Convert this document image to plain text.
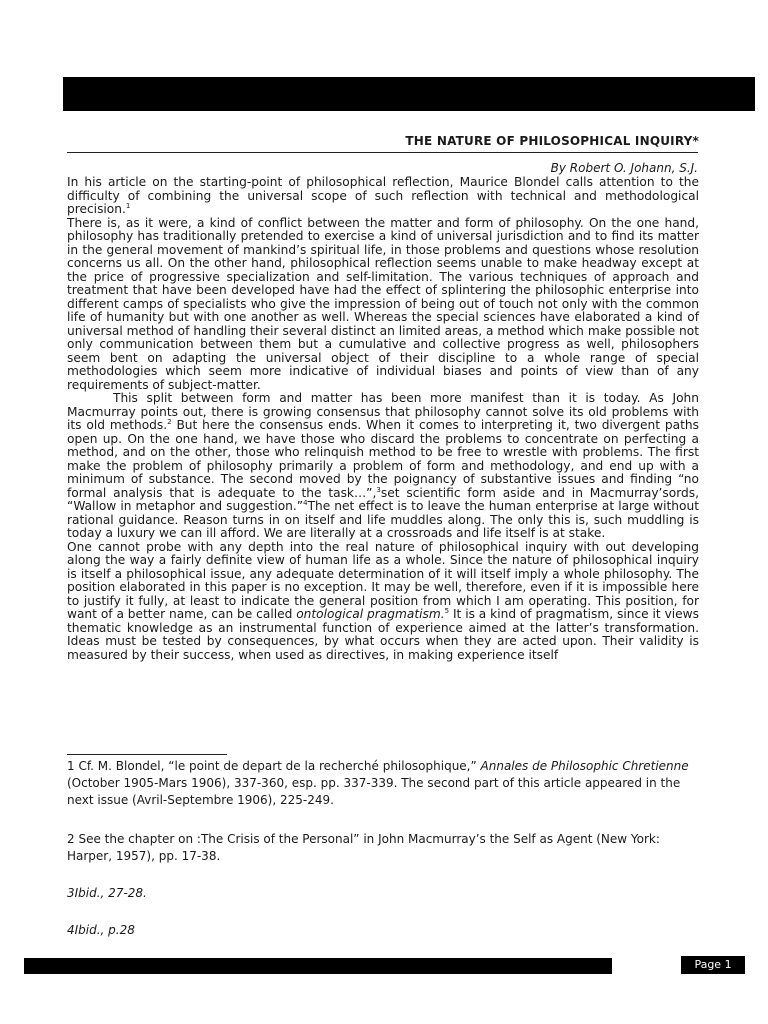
THE NATURE OF PHILOSOPHICAL INQUIRY*
By Robert O. Johann, S.J.

In his article on the starting-point of philosophical reflection, Maurice Blondel calls attention to the difficulty of combining the universal scope of such reflection with technical and methodological precision.$^1$

There is, as it were, a kind of conflict between the matter and form of philosophy. On the one hand, philosophy has traditionally pretended to exercise a kind of universal jurisdiction and to find its matter in the general movement of mankind’s spiritual life, in those problems and questions whose resolution concerns us all. On the other hand, philosophical reflection seems unable to make headway except at the price of progressive specialization and self-limitation. The various techniques of approach and treatment that have been developed have had the effect of splintering the philosophic enterprise into different camps of specialists who give the impression of being out of touch not only with the common life of humanity but with one another as well. Whereas the special sciences have elaborated a kind of universal method of handling their several distinct an limited areas, a method which make possible not only communication between them but a cumulative and collective progress as well, philosophers seem bent on adapting the universal object of their discipline to a whole range of special methodologies which seem more indicative of individual biases and points of view than of any requirements of subject-matter.

This split between form and matter has been more manifest than it is today. As John Macmurray points out, there is growing consensus that philosophy cannot solve its old problems with its old methods.$^2$ But here the consensus ends. When it comes to interpreting it, two divergent paths open up. On the one hand, we have those who discard the problems to concentrate on perfecting a method, and on the other, those who relinquish method to be free to wrestle with problems. The first make the problem of philosophy primarily a problem of form and methodology, and end up with a minimum of substance. The second moved by the poignancy of substantive issues and finding “no formal analysis that is adequate to the task…”,$^3$set scientific form aside and in Macmurray’sords, “Wallow in metaphor and suggestion.”$^4$The net effect is to leave the human enterprise at large without rational guidance. Reason turns in on itself and life muddles along. The only this is, such muddling is today a luxury we can ill afford. We are literally at a crossroads and life itself is at stake.

One cannot probe with any depth into the real nature of philosophical inquiry with out developing along the way a fairly definite view of human life as a whole. Since the nature of philosophical inquiry is itself a philosophical issue, any adequate determination of it will itself imply a whole philosophy. The position elaborated in this paper is no exception. It may be well, therefore, even if it is impossible here to justify it fully, at least to indicate the general position from which I am operating. This position, for want of a better name, can be called ontological pragmatism.$^5$ It is a kind of pragmatism, since it views thematic knowledge as an instrumental function of experience aimed at the latter’s transformation. Ideas must be tested by consequences, by what occurs when they are acted upon. Their validity is measured by their success, when used as directives, in making experience itself

1 Cf. M. Blondel, “le point de depart de la recherché philosophique,” Annales de Philosophic Chretienne (October 1905-Mars 1906), 337-360, esp. pp. 337-339. The second part of this article appeared in the next issue (Avril-Septembre 1906), 225-249.

2 See the chapter on :The Crisis of the Personal” in John Macmurray’s the Self as Agent (New York: Harper, 1957), pp. 17-38.

3Ibid., 27-28.

4Ibid., p.28

Page 1
